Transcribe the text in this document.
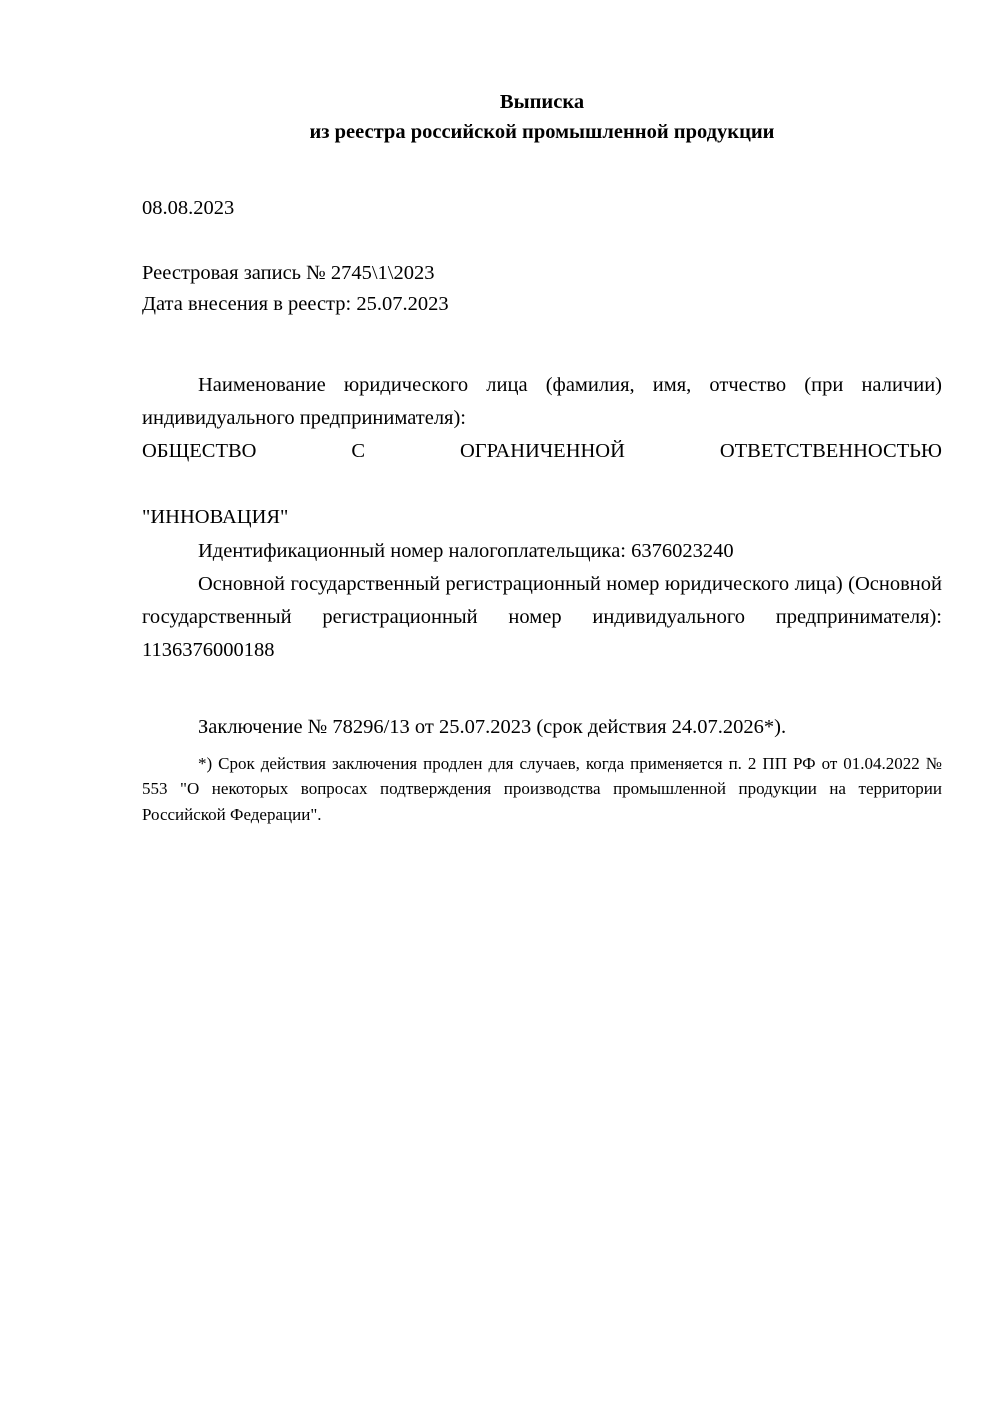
Выписка
из реестра российской промышленной продукции
08.08.2023
Реестровая запись № 2745\1\2023
Дата внесения в реестр: 25.07.2023

Наименование юридического лица (фамилия, имя, отчество (при наличии) индивидуального предпринимателя):

ОБЩЕСТВО С ОГРАНИЧЕННОЙ ОТВЕТСТВЕННОСТЬЮ
"ИННОВАЦИЯ"

Идентификационный номер налогоплательщика: 6376023240

Основной государственный регистрационный номер юридического лица) (Основной государственный регистрационный номер индивидуального предпринимателя): 1136376000188

Заключение № 78296/13 от 25.07.2023 (срок действия 24.07.2026*).

*) Срок действия заключения продлен для случаев, когда применяется п. 2 ПП РФ от 01.04.2022 № 553 "О некоторых вопросах подтверждения производства промышленной продукции на территории Российской Федерации".
